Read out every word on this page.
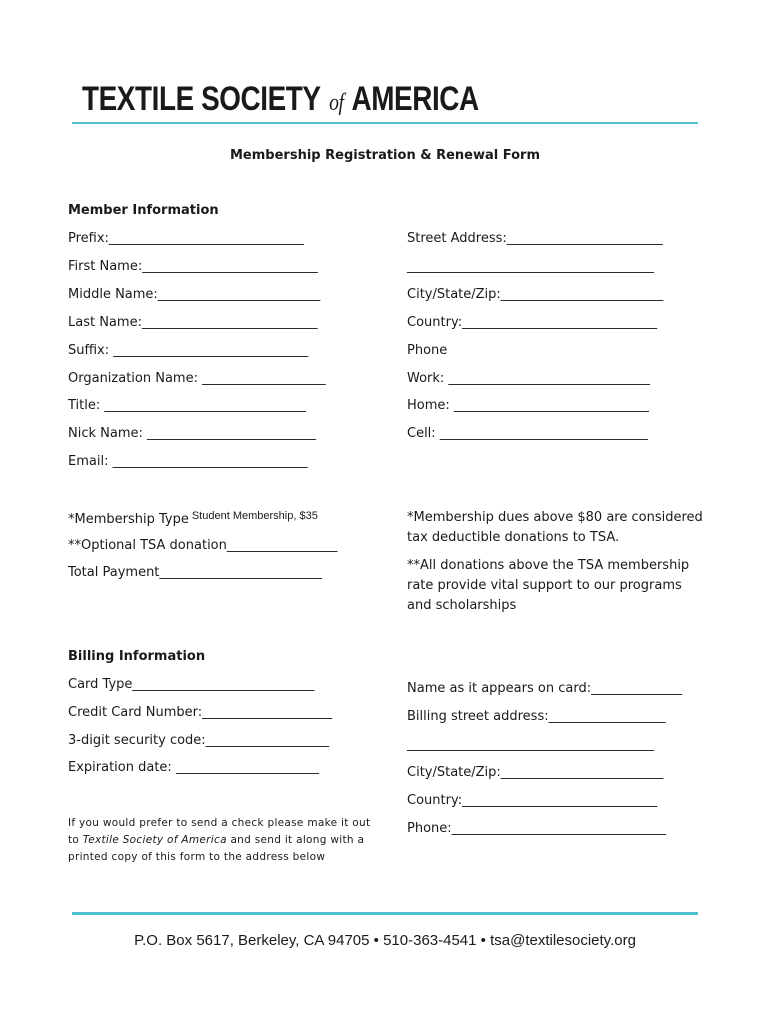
TEXTILE SOCIETY of AMERICA
Membership Registration & Renewal Form
Member Information
Prefix:______________________________
First Name:___________________________
Middle Name:_________________________
Last Name:___________________________
Suffix: ______________________________
Organization Name: ___________________
Title: _______________________________
Nick Name: __________________________
Email: ______________________________
Street Address:________________________
______________________________________
City/State/Zip:_________________________
Country:______________________________
Phone
Work: _______________________________
Home: ______________________________
Cell: ________________________________
*Membership Type $^{Student Membership, \$35}$
**Optional TSA donation_________________
Total Payment_________________________
*Membership dues above $80 are considered tax deductible donations to TSA.
**All donations above the TSA membership rate provide vital support to our programs and scholarships
Billing Information
Card Type____________________________
Credit Card Number:____________________
3-digit security code:___________________
Expiration date: ______________________
Name as it appears on card:______________
Billing street address:__________________
______________________________________
City/State/Zip:_________________________
Country:______________________________
Phone:_________________________________
If you would prefer to send a check please make it out to Textile Society of America and send it along with a printed copy of this form to the address below
P.O. Box 5617, Berkeley, CA 94705 • 510-363-4541 • tsa@textilesociety.org
